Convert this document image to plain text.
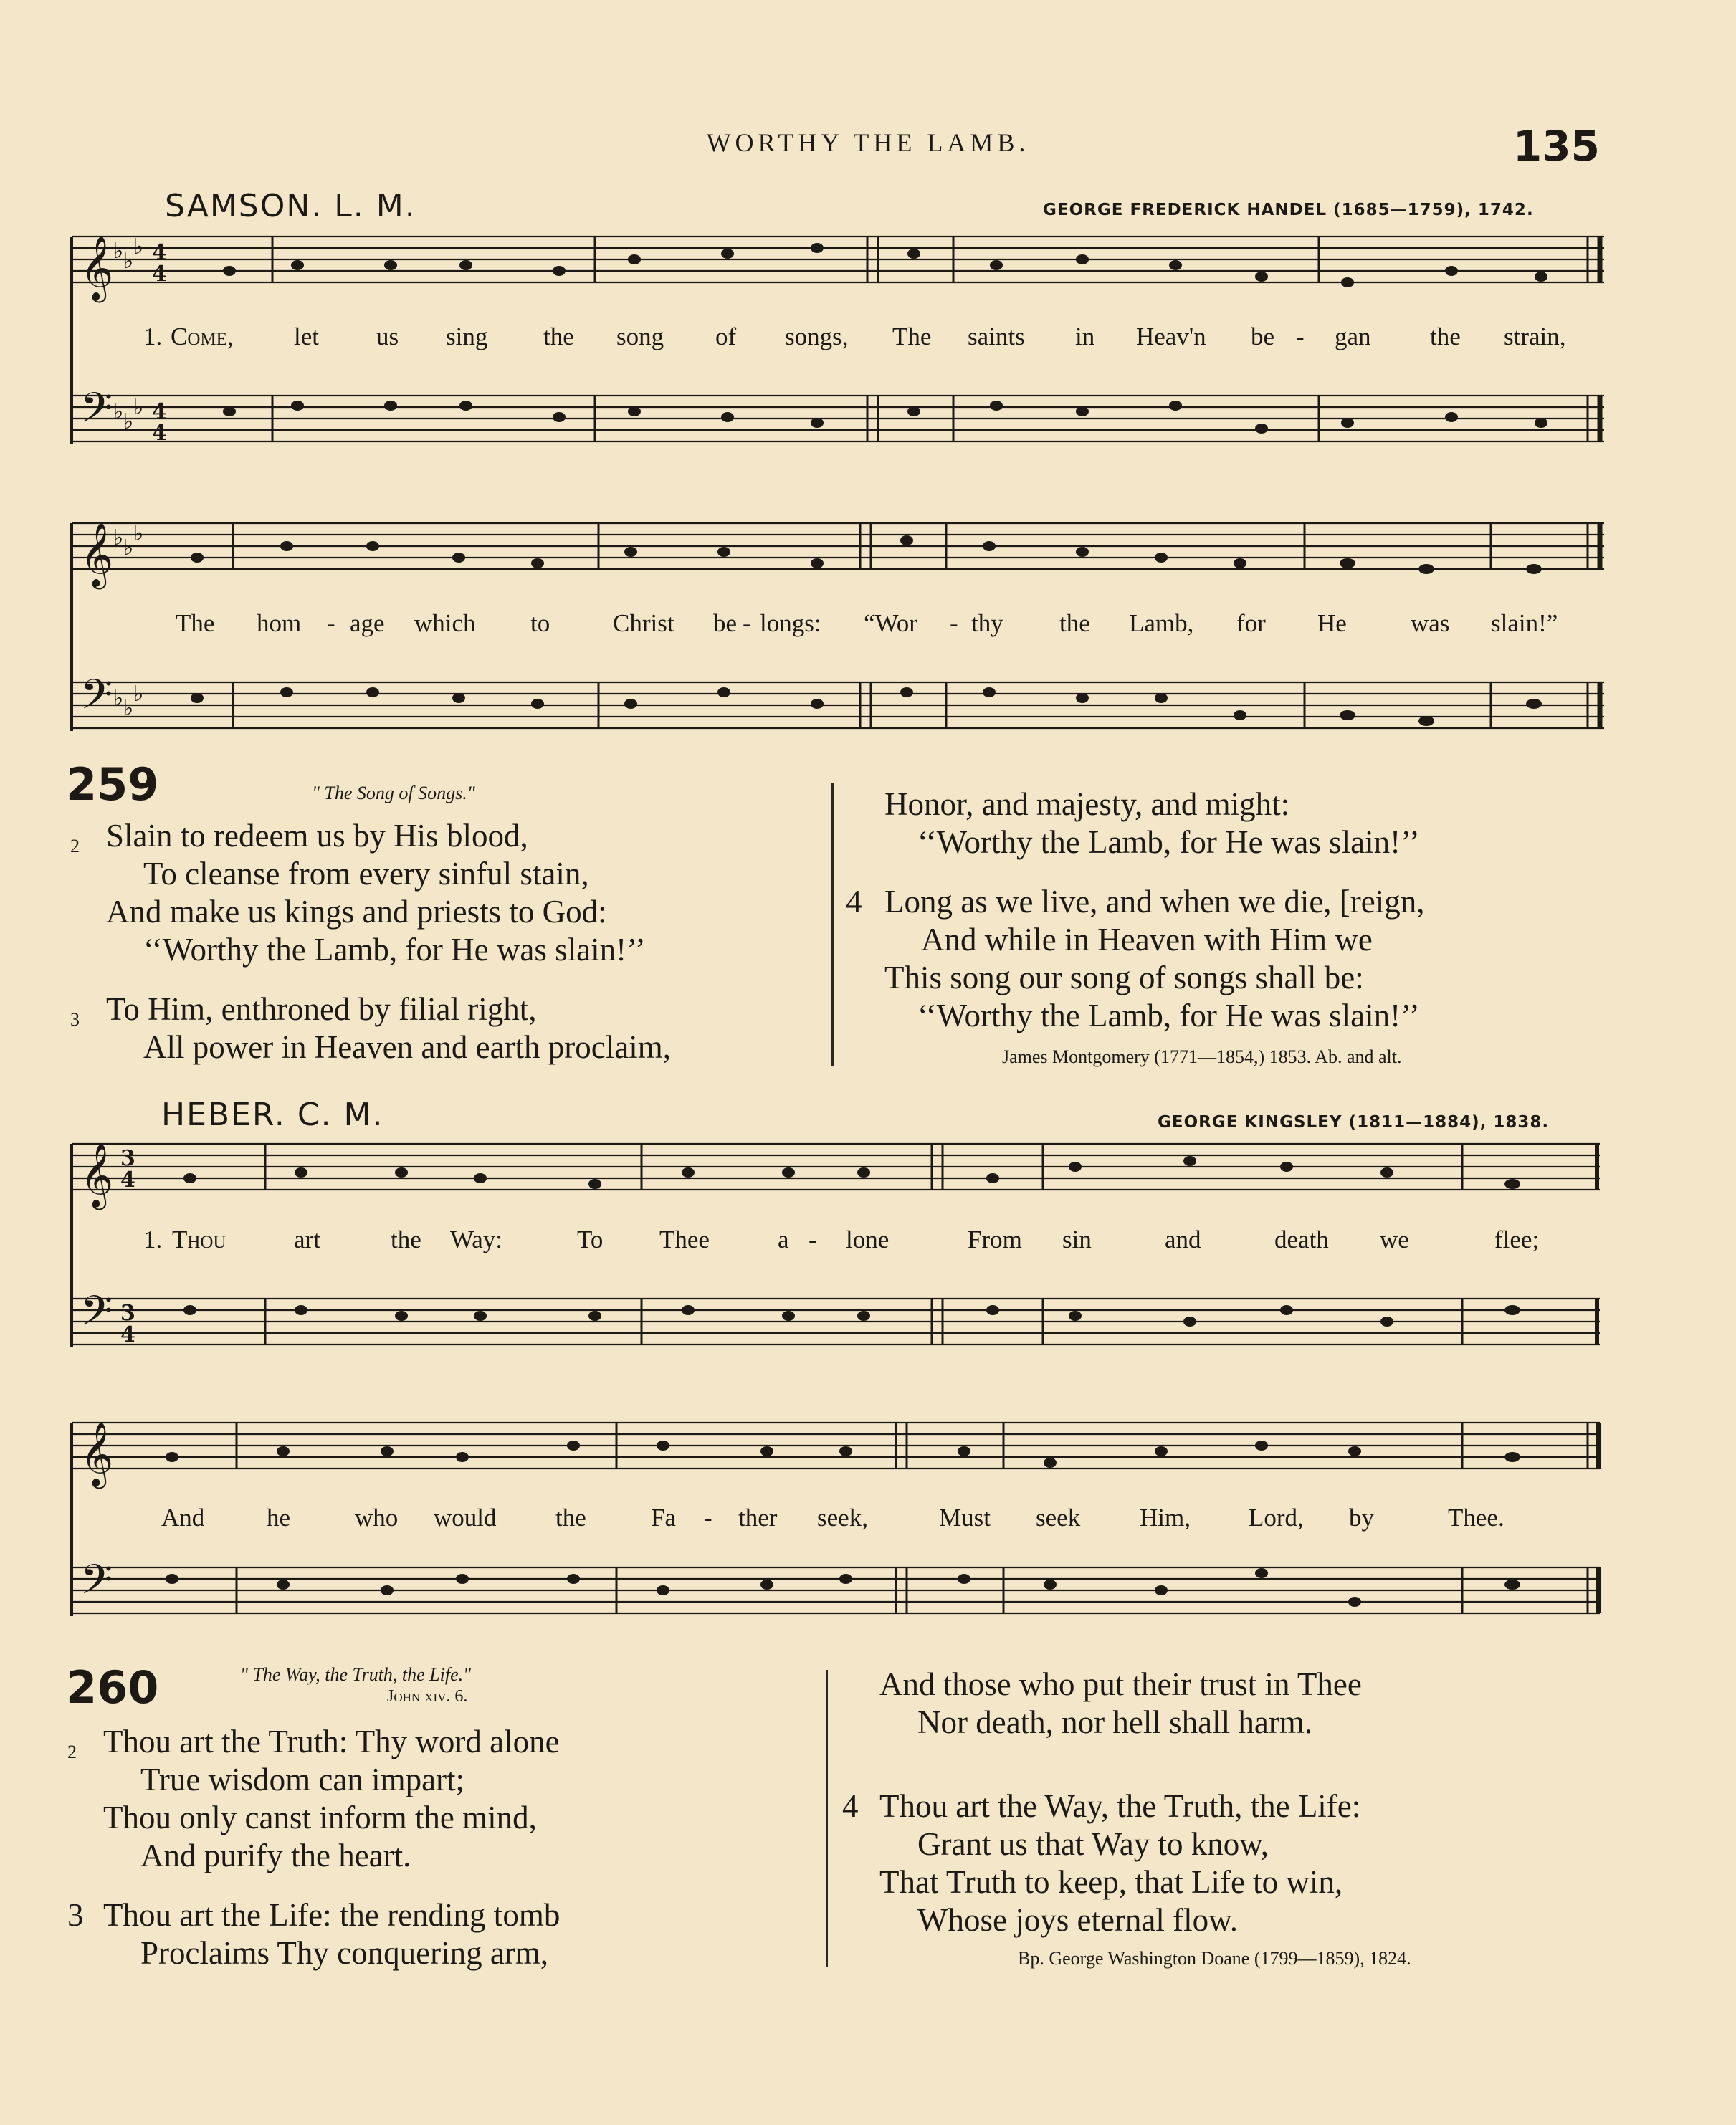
WORTHY THE LAMB.	135
SAMSON. L. M.	GEORGE FREDERICK HANDEL (1685—1759), 1742.
𝄞
𝄢
♭ ♭
♭
♭ ♭
♭
4
4
4
4
1. Come, let us sing the song of songs, The saints in Heav'n be - gan the strain,
𝄞
𝄢
♭ ♭
♭
♭ ♭
♭
The hom - age which to	Christ be - longs: “Wor - thy the Lamb, for He	was slain!”
259	" The Song of Songs."
2 Slain to redeem us by His blood,
To cleanse from every sinful stain,
And make us kings and priests to God:
‘‘Worthy the Lamb, for He was slain!’’
3 To Him, enthroned by filial right,
All power in Heaven and earth proclaim,
Honor, and majesty, and might:
‘‘Worthy the Lamb, for He was slain!’’
4 Long as we live, and when we die, [reign,
And while in Heaven with Him we
This song our song of songs shall be:
‘‘Worthy the Lamb, for He was slain!’’
James Montgomery (1771—1854,) 1853. Ab. and alt.
HEBER. C. M.	GEORGE KINGSLEY (1811—1884), 1838.
𝄞
𝄢
3
4
3
4
1. Thou	art	the Way:	To Thee	a - lone	From sin	and	death we	flee;
𝄞
𝄢
And he	who would the	Fa - ther seek,	Must seek Him, Lord, by	Thee.
260	" The Way, the Truth, the Life."
John xiv. 6.
2 Thou art the Truth: Thy word alone
True wisdom can impart;
Thou only canst inform the mind,
And purify the heart.
3 Thou art the Life: the rending tomb
Proclaims Thy conquering arm,
And those who put their trust in Thee
Nor death, nor hell shall harm.
4 Thou art the Way, the Truth, the Life:
Grant us that Way to know,
That Truth to keep, that Life to win,
Whose joys eternal flow.
Bp. George Washington Doane (1799—1859), 1824.
